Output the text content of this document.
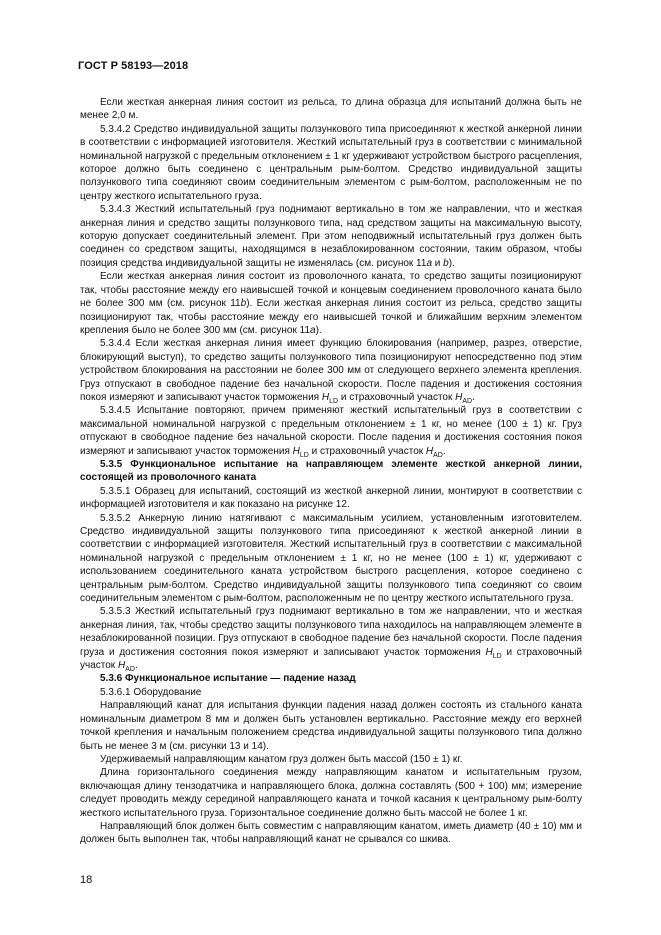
ГОСТ Р 58193—2018

Если жесткая анкерная линия состоит из рельса, то длина образца для испытаний должна быть не менее 2,0 м.

5.3.4.2 Средство индивидуальной защиты ползункового типа присоединяют к жесткой анкерной линии в соответствии с информацией изготовителя. Жесткий испытательный груз в соответствии с минимальной номинальной нагрузкой с предельным отклонением ± 1 кг удерживают устройством быстрого расцепления, которое должно быть соединено с центральным рым-болтом. Средство индивидуальной защиты ползункового типа соединяют своим соединительным элементом с рым-болтом, расположенным не по центру жесткого испытательного груза.

5.3.4.3 Жесткий испытательный груз поднимают вертикально в том же направлении, что и жесткая анкерная линия и средство защиты ползункового типа, над средством защиты на максимальную высоту, которую допускает соединительный элемент. При этом неподвижный испытательный груз должен быть соединен со средством защиты, находящимся в незаблокированном состоянии, таким образом, чтобы позиция средства индивидуальной защиты не изменялась (см. рисунок 11a и b).

Если жесткая анкерная линия состоит из проволочного каната, то средство защиты позиционируют так, чтобы расстояние между его наивысшей точкой и концевым соединением проволочного каната было не более 300 мм (см. рисунок 11b). Если жесткая анкерная линия состоит из рельса, средство защиты позиционируют так, чтобы расстояние между его наивысшей точкой и ближайшим верхним элементом крепления было не более 300 мм (см. рисунок 11a).

5.3.4.4 Если жесткая анкерная линия имеет функцию блокирования (например, разрез, отверстие, блокирующий выступ), то средство защиты ползункового типа позиционируют непосредственно под этим устройством блокирования на расстоянии не более 300 мм от следующего верхнего элемента крепления. Груз отпускают в свободное падение без начальной скорости. После падения и достижения состояния покоя измеряют и записывают участок торможения $H_{LD}$ и страховочный участок $H_{AD}$.

5.3.4.5 Испытание повторяют, причем применяют жесткий испытательный груз в соответствии с максимальной номинальной нагрузкой с предельным отклонением ± 1 кг, но менее (100 ± 1) кг. Груз отпускают в свободное падение без начальной скорости. После падения и достижения состояния покоя измеряют и записывают участок торможения $H_{LD}$ и страховочный участок $H_{AD}$.

5.3.5 Функциональное испытание на направляющем элементе жесткой анкерной линии, состоящей из проволочного каната

5.3.5.1 Образец для испытаний, состоящий из жесткой анкерной линии, монтируют в соответствии с информацией изготовителя и как показано на рисунке 12.

5.3.5.2 Анкерную линию натягивают с максимальным усилием, установленным изготовителем. Средство индивидуальной защиты ползункового типа присоединяют к жесткой анкерной линии в соответствии с информацией изготовителя. Жесткий испытательный груз в соответствии с максимальной номинальной нагрузкой с предельным отклонением ± 1 кг, но не менее (100 ± 1) кг, удерживают с использованием соединительного каната устройством быстрого расцепления, которое соединено с центральным рым-болтом. Средство индивидуальной защиты ползункового типа соединяют со своим соединительным элементом с рым-болтом, расположенным не по центру жесткого испытательного груза.

5.3.5.3 Жесткий испытательный груз поднимают вертикально в том же направлении, что и жесткая анкерная линия, так, чтобы средство защиты ползункового типа находилось на направляющем элементе в незаблокированной позиции. Груз отпускают в свободное падение без начальной скорости. После падения груза и достижения состояния покоя измеряют и записывают участок торможения $H_{LD}$ и страховочный участок $H_{AD}$.

5.3.6 Функциональное испытание — падение назад

5.3.6.1 Оборудование

Направляющий канат для испытания функции падения назад должен состоять из стального каната номинальным диаметром 8 мм и должен быть установлен вертикально. Расстояние между его верхней точкой крепления и начальным положением средства индивидуальной защиты ползункового типа должно быть не менее 3 м (см. рисунки 13 и 14).

Удерживаемый направляющим канатом груз должен быть массой (150 ± 1) кг.

Длина горизонтального соединения между направляющим канатом и испытательным грузом, включающая длину тензодатчика и направляющего блока, должна составлять (500 + 100) мм; измерение следует проводить между серединой направляющего каната и точкой касания к центральному рым-болту жесткого испытательного груза. Горизонтальное соединение должно быть массой не более 1 кг.

Направляющий блок должен быть совместим с направляющим канатом, иметь диаметр (40 ± 10) мм и должен быть выполнен так, чтобы направляющий канат не срывался со шкива.

18
